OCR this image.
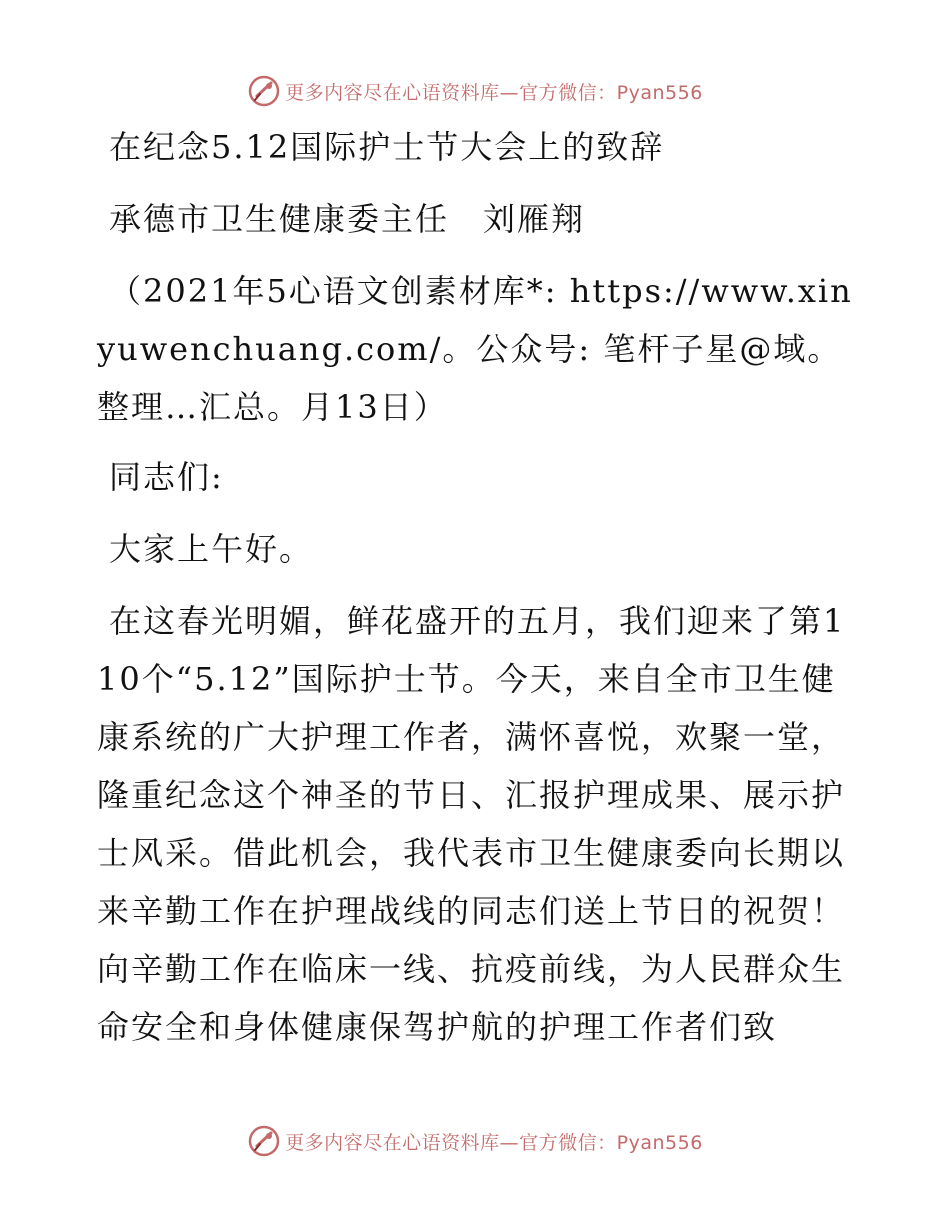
更多内容尽在心语资料库—官方微信：Pyan556

在纪念5.12国际护士节大会上的致辞

承德市卫生健康委主任　刘雁翔

（2021年5心语文创素材库*: https://www.xinyuwenchuang.com/。公众号: 笔杆子星@域。整理…汇总。月13日）

同志们:

大家上午好。

在这春光明媚，鲜花盛开的五月，我们迎来了第110个“5.12”国际护士节。今天，来自全市卫生健康系统的广大护理工作者，满怀喜悦，欢聚一堂，隆重纪念这个神圣的节日、汇报护理成果、展示护士风采。借此机会，我代表市卫生健康委向长期以来辛勤工作在护理战线的同志们送上节日的祝贺！向辛勤工作在临床一线、抗疫前线，为人民群众生命安全和身体健康保驾护航的护理工作者们致

更多内容尽在心语资料库—官方微信：Pyan556
